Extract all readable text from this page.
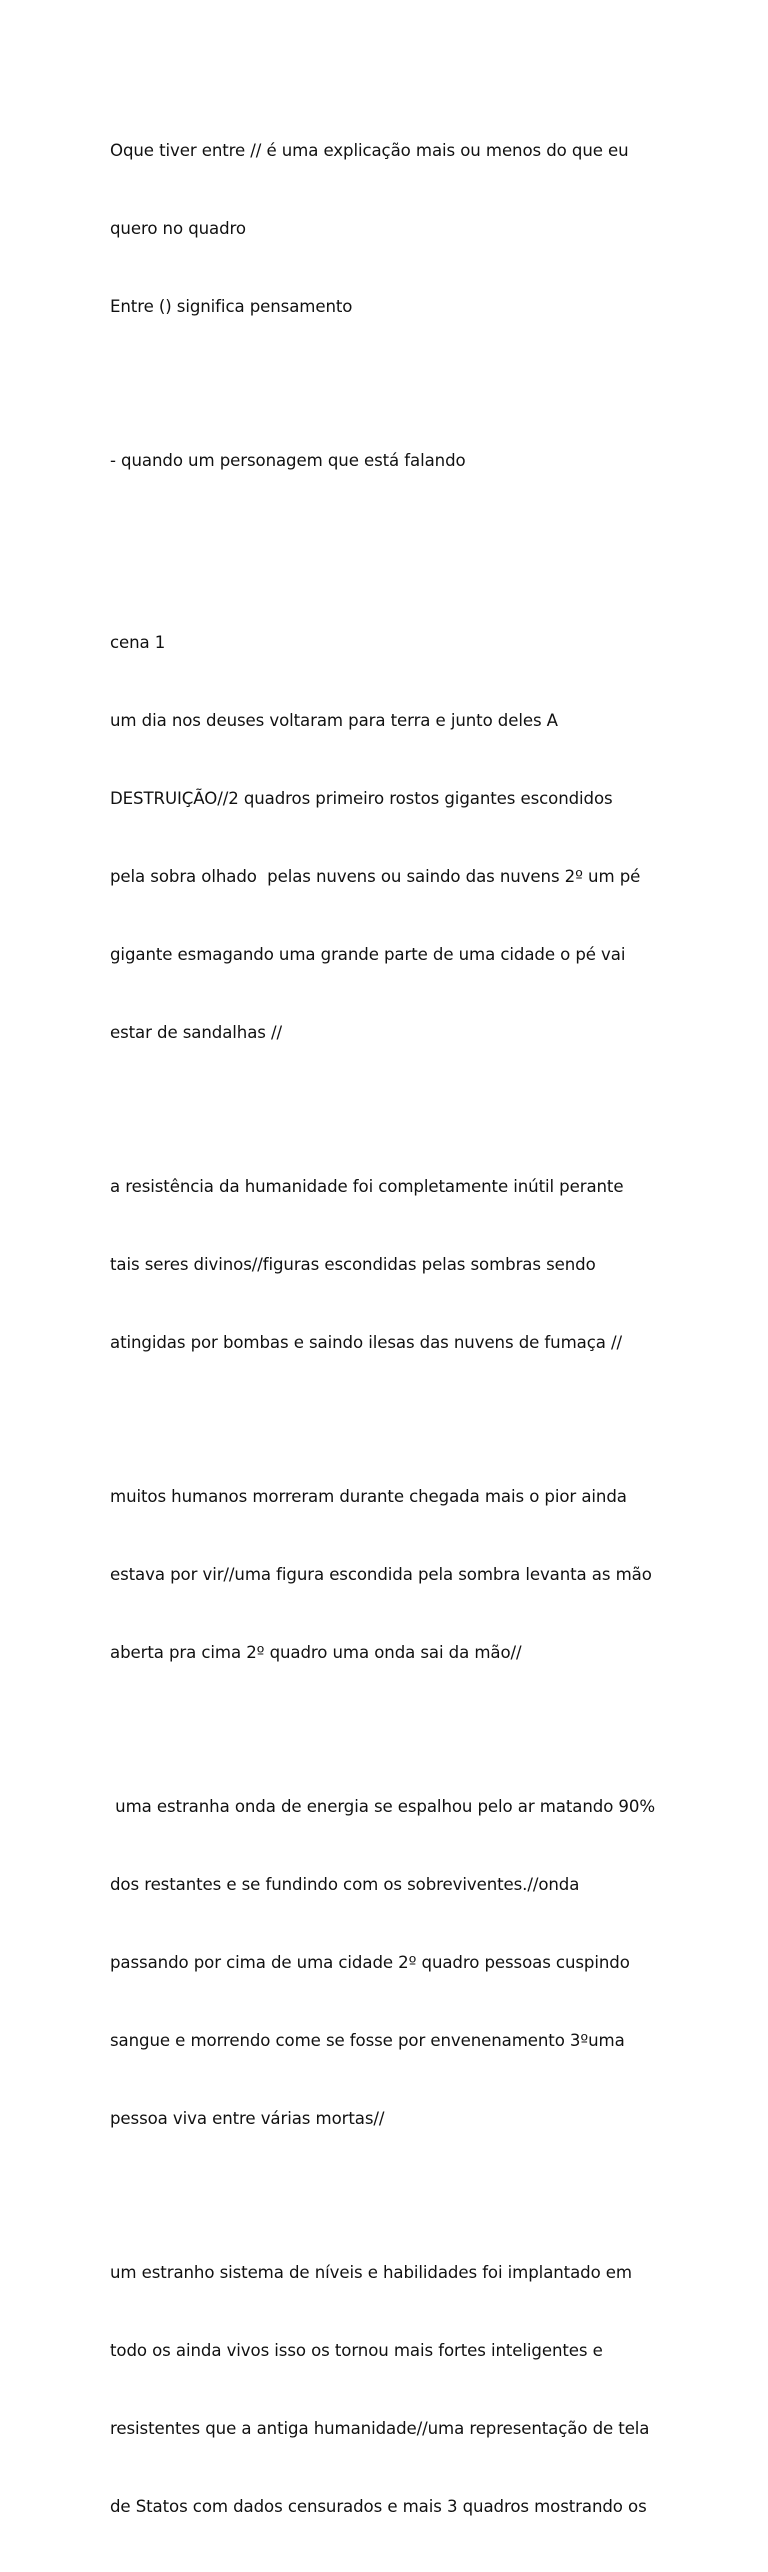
Oque tiver entre // é uma explicação mais ou menos do que eu

quero no quadro

Entre () significa pensamento

- quando um personagem que está falando

cena 1

um dia nos deuses voltaram para terra e junto deles A

DESTRUIÇÃO//2 quadros primeiro rostos gigantes escondidos

pela sobra olhado  pelas nuvens ou saindo das nuvens 2º um pé

gigante esmagando uma grande parte de uma cidade o pé vai

estar de sandalhas //

a resistência da humanidade foi completamente inútil perante

tais seres divinos//figuras escondidas pelas sombras sendo

atingidas por bombas e saindo ilesas das nuvens de fumaça //

muitos humanos morreram durante chegada mais o pior ainda

estava por vir//uma figura escondida pela sombra levanta as mão

aberta pra cima 2º quadro uma onda sai da mão//

uma estranha onda de energia se espalhou pelo ar matando 90%

dos restantes e se fundindo com os sobreviventes.//onda

passando por cima de uma cidade 2º quadro pessoas cuspindo

sangue e morrendo come se fosse por envenenamento 3ºuma

pessoa viva entre várias mortas//

um estranho sistema de níveis e habilidades foi implantado em

todo os ainda vivos isso os tornou mais fortes inteligentes e

resistentes que a antiga humanidade//uma representação de tela

de Statos com dados censurados e mais 3 quadros mostrando os
